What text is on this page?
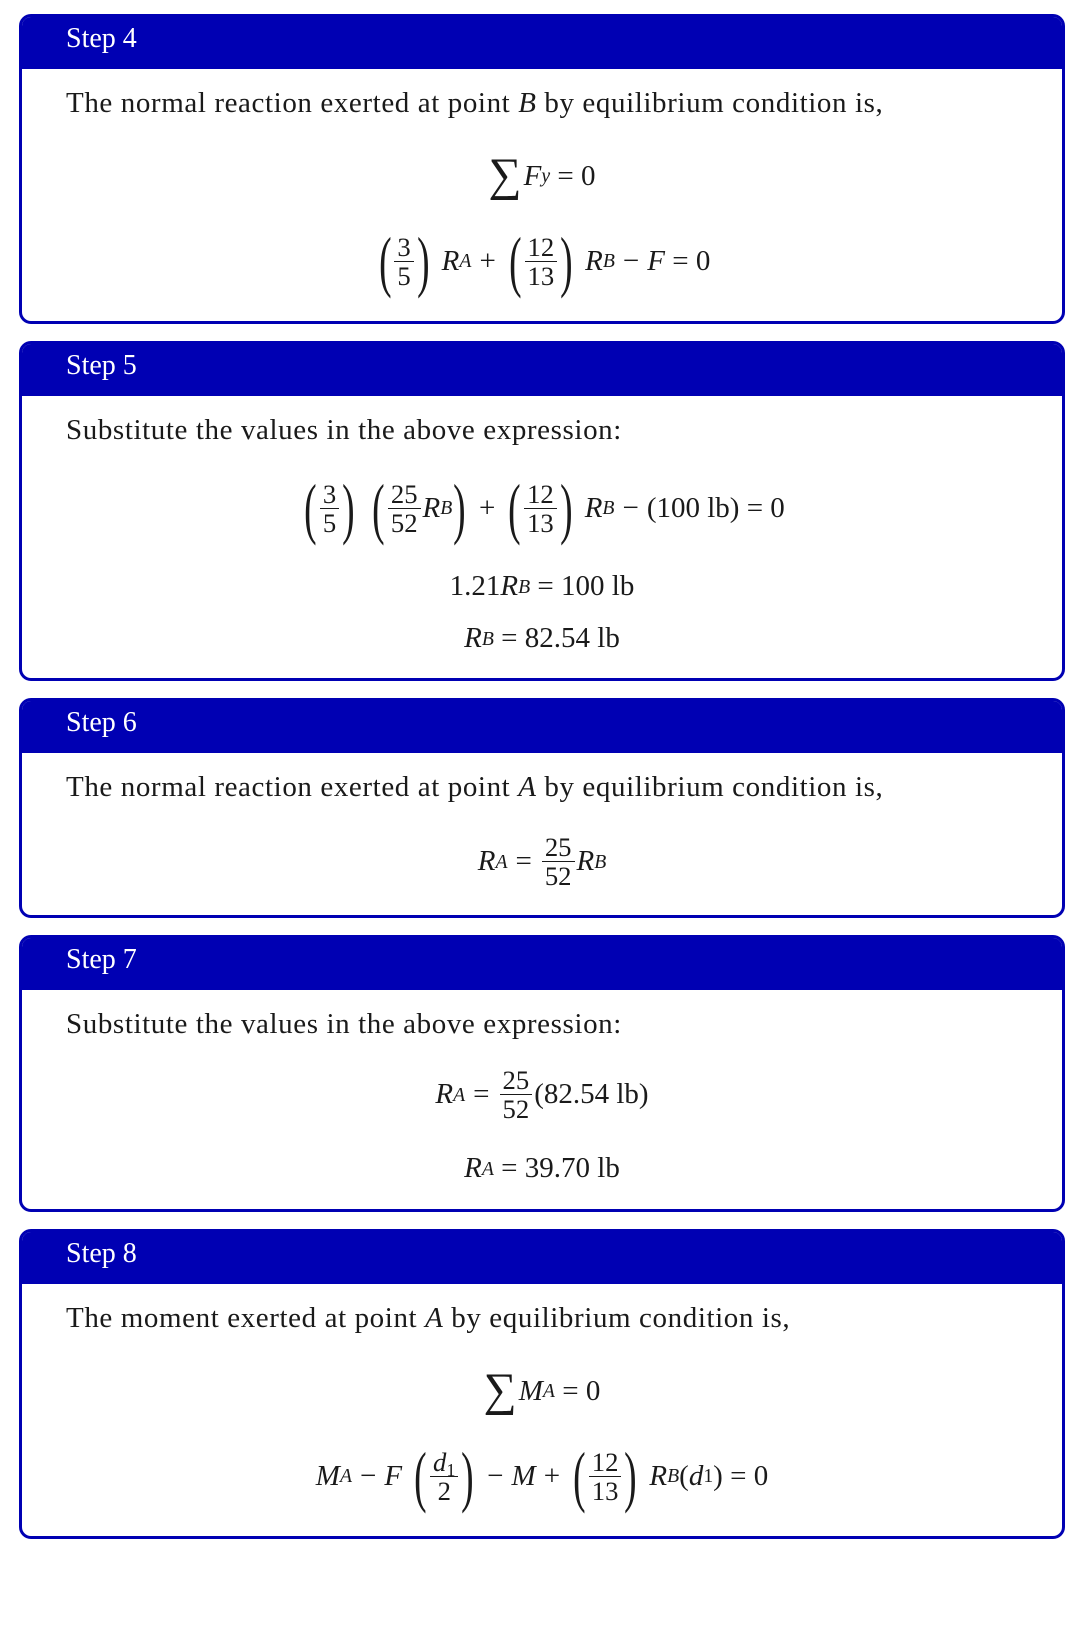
Step 4
The normal reaction exerted at point B by equilibrium condition is,
∑ F y
= 0
( $\frac{3}{5}$
)
R A + ( $\frac{12}{13}$
)
R B − F
= 0
Step 5
Substitute the values in the above expression:
( $\frac{3}{5}$
)
( $\frac{25}{52}$ R B
) + ( $\frac{12}{13}$
)
R B − (100 lb)
= 0
1.21 R B
= 100 lb
R B
= 82.54 lb
Step 6
The normal reaction exerted at point A by equilibrium condition is,
R $A = \frac{25}{52}$ R B
Step 7
Substitute the values in the above expression:
R $A = \frac{25}{52} (82.54$ lb)
R A
= 39.70 lb
Step 8
The moment exerted at point A by equilibrium condition is,
∑ M A
= 0
M A − F
( $\frac{d_1}{2}$
) − M + ( $\frac{12}{13}$
)
R B ( d 1 )
= 0
